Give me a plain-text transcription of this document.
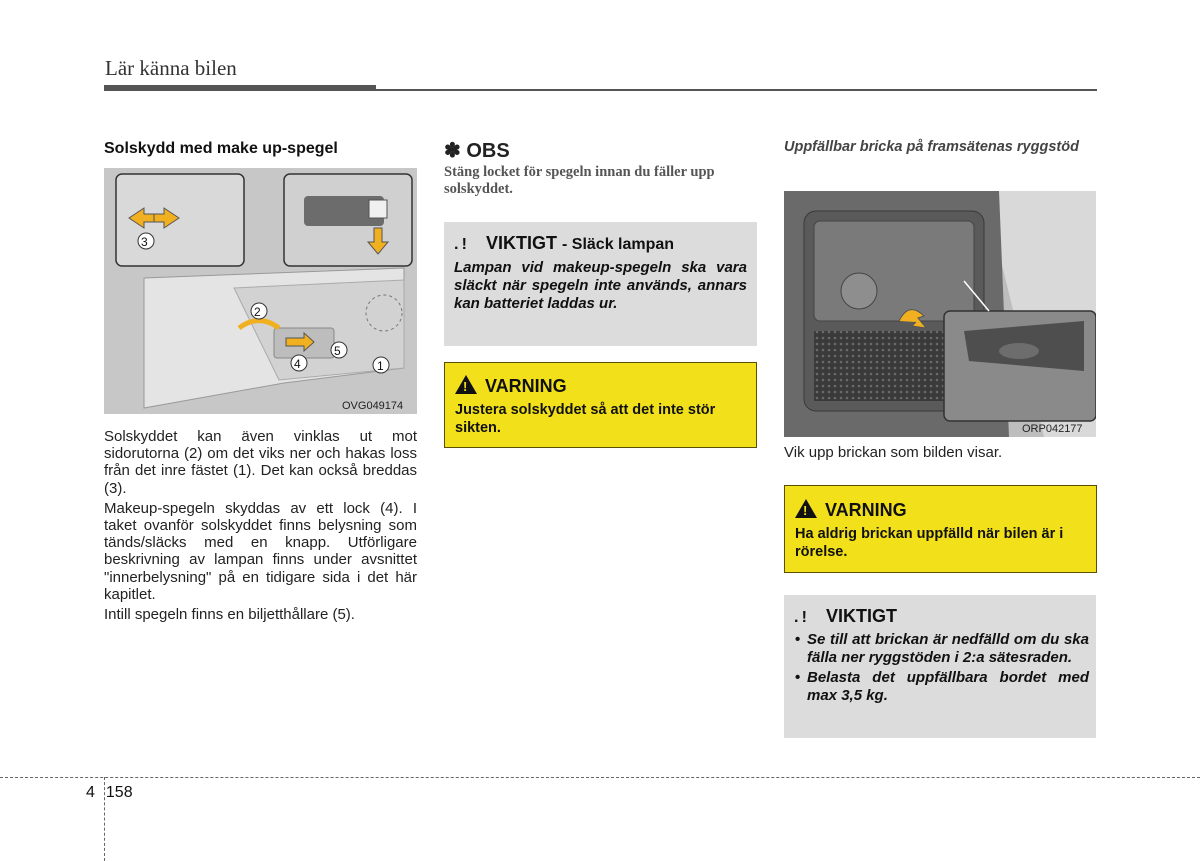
Lär känna bilen
Solskydd med make up-spegel
3
2
4
5
1
OVG049174

Solskyddet kan även vinklas ut mot sidorutorna (2) om det viks ner och hakas loss från det inre fästet (1). Det kan också breddas (3).

Makeup-spegeln skyddas av ett lock (4). I taket ovanför solskyddet finns belysning som tänds/släcks med en knapp. Utförligare beskrivning av lampan finns under avsnittet "innerbelysning" på en tidigare sida i det här kapitlet.

Intill spegeln finns en biljetthållare (5).

✽ OBS
Stäng locket för spegeln innan du fäller upp solskyddet.
. ! VIKTIGT - Släck lampan
Lampan vid makeup-spegeln ska vara släckt när spegeln inte används, annars kan batteriet laddas ur.
!VARNING
Justera solskyddet så att det inte stör sikten.
Uppfällbar bricka på framsätenas ryggstöd
ORP042177
Vik upp brickan som bilden visar.
!VARNING
Ha aldrig brickan uppfälld när bilen är i rörelse.
. ! VIKTIGT
• Se till att brickan är nedfälld om du ska fälla ner ryggstöden i 2:a sätesraden.
• Belasta det uppfällbara bordet med max 3,5 kg.
4 158
